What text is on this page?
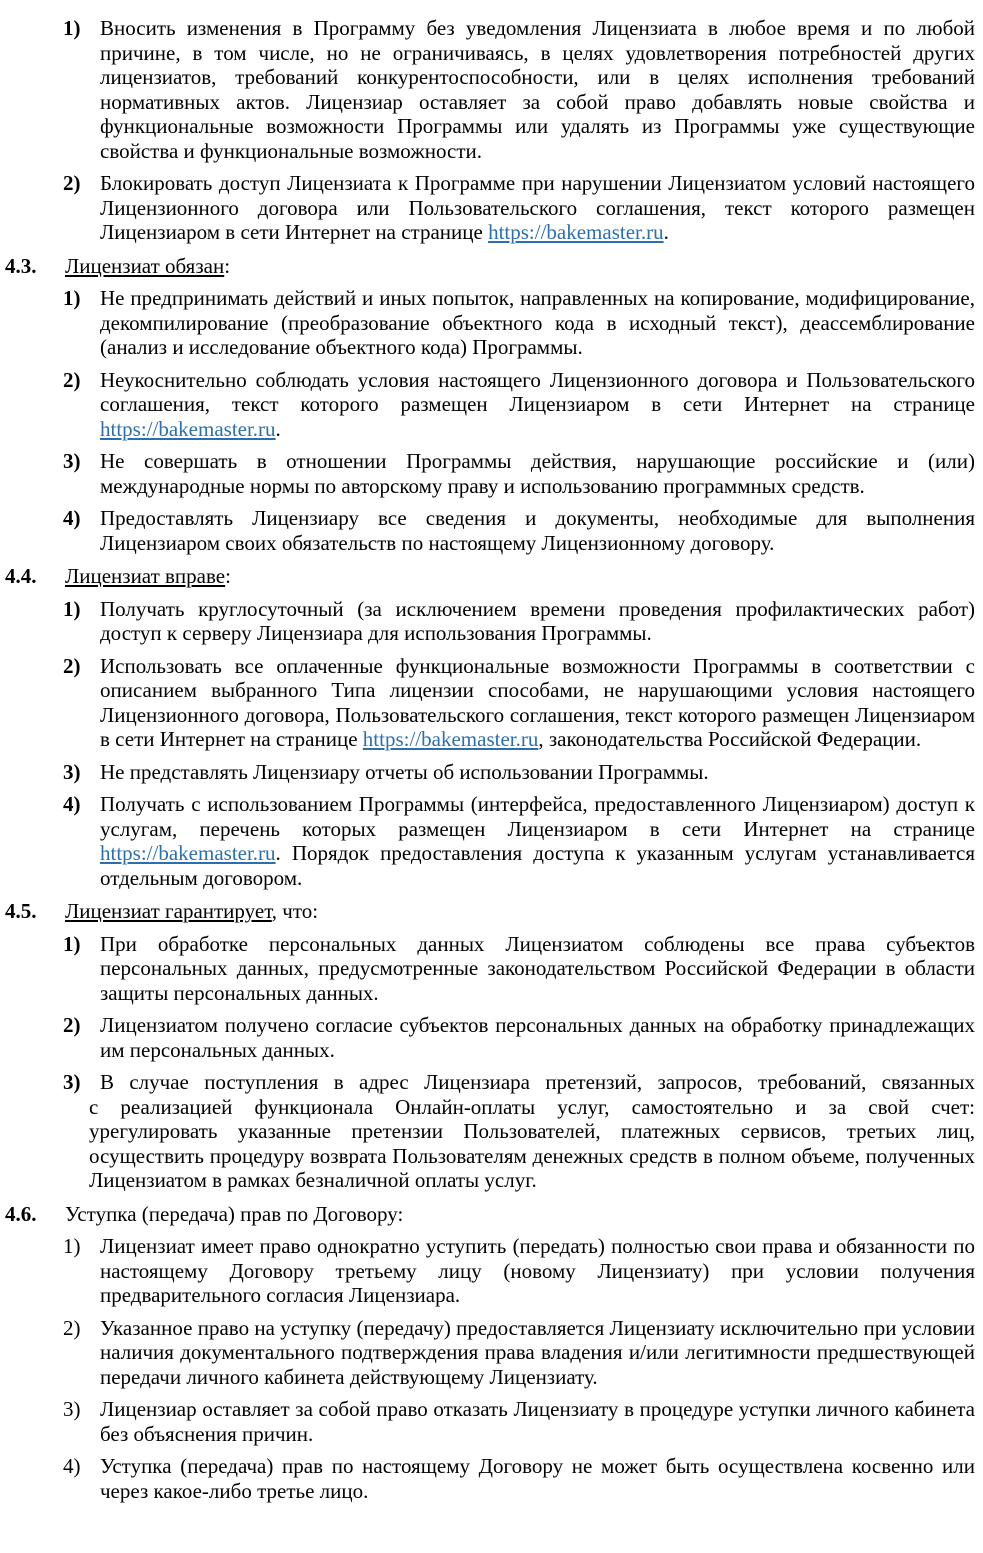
1) Вносить изменения в Программу без уведомления Лицензиата в любое время и по любой причине, в том числе, но не ограничиваясь, в целях удовлетворения потребностей других лицензиатов, требований конкурентоспособности, или в целях исполнения требований нормативных актов. Лицензиар оставляет за собой право добавлять новые свойства и функциональные возможности Программы или удалять из Программы уже существующие свойства и функциональные возможности.

2) Блокировать доступ Лицензиата к Программе при нарушении Лицензиатом условий настоящего Лицензионного договора или Пользовательского соглашения, текст которого размещен Лицензиаром в сети Интернет на странице https://bakemaster.ru.

4.3. Лицензиат обязан:
1) Не предпринимать действий и иных попыток, направленных на копирование, модифицирование, декомпилирование (преобразование объектного кода в исходный текст), деассемблирование (анализ и исследование объектного кода) Программы.

2) Неукоснительно соблюдать условия настоящего Лицензионного договора и Пользовательского соглашения, текст которого размещен Лицензиаром в сети Интернет на странице https://bakemaster.ru.

3) Не совершать в отношении Программы действия, нарушающие российские и (или) международные нормы по авторскому праву и использованию программных средств.

4) Предоставлять Лицензиару все сведения и документы, необходимые для выполнения Лицензиаром своих обязательств по настоящему Лицензионному договору.

4.4. Лицензиат вправе:
1) Получать круглосуточный (за исключением времени проведения профилактических работ) доступ к серверу Лицензиара для использования Программы.

2) Использовать все оплаченные функциональные возможности Программы в соответствии с описанием выбранного Типа лицензии способами, не нарушающими условия настоящего Лицензионного договора, Пользовательского соглашения, текст которого размещен Лицензиаром в сети Интернет на странице https://bakemaster.ru, законодательства Российской Федерации.

3) Не представлять Лицензиару отчеты об использовании Программы.

4) Получать с использованием Программы (интерфейса, предоставленного Лицензиаром) доступ к услугам, перечень которых размещен Лицензиаром в сети Интернет на странице https://bakemaster.ru. Порядок предоставления доступа к указанным услугам устанавливается отдельным договором.

4.5. Лицензиат гарантирует, что:
1) При обработке персональных данных Лицензиатом соблюдены все права субъектов персональных данных, предусмотренные законодательством Российской Федерации в области защиты персональных данных.

2) Лицензиатом получено согласие субъектов персональных данных на обработку принадлежащих им персональных данных.

3) В случае поступления в адрес Лицензиара претензий, запросов, требований, связанных

с реализацией функционала Онлайн-оплаты услуг, самостоятельно и за свой счет:

урегулировать указанные претензии Пользователей, платежных сервисов, третьих лиц, осуществить процедуру возврата Пользователям денежных средств в полном объеме, полученных Лицензиатом в рамках безналичной оплаты услуг.

4.6. Уступка (передача) прав по Договору:
1) Лицензиат имеет право однократно уступить (передать) полностью свои права и обязанности по настоящему Договору третьему лицу (новому Лицензиату) при условии получения предварительного согласия Лицензиара.

2) Указанное право на уступку (передачу) предоставляется Лицензиату исключительно при условии наличия документального подтверждения права владения и/или легитимности предшествующей передачи личного кабинета действующему Лицензиату.

3) Лицензиар оставляет за собой право отказать Лицензиату в процедуре уступки личного кабинета без объяснения причин.

4) Уступка (передача) прав по настоящему Договору не может быть осуществлена косвенно или через какое-либо третье лицо.
